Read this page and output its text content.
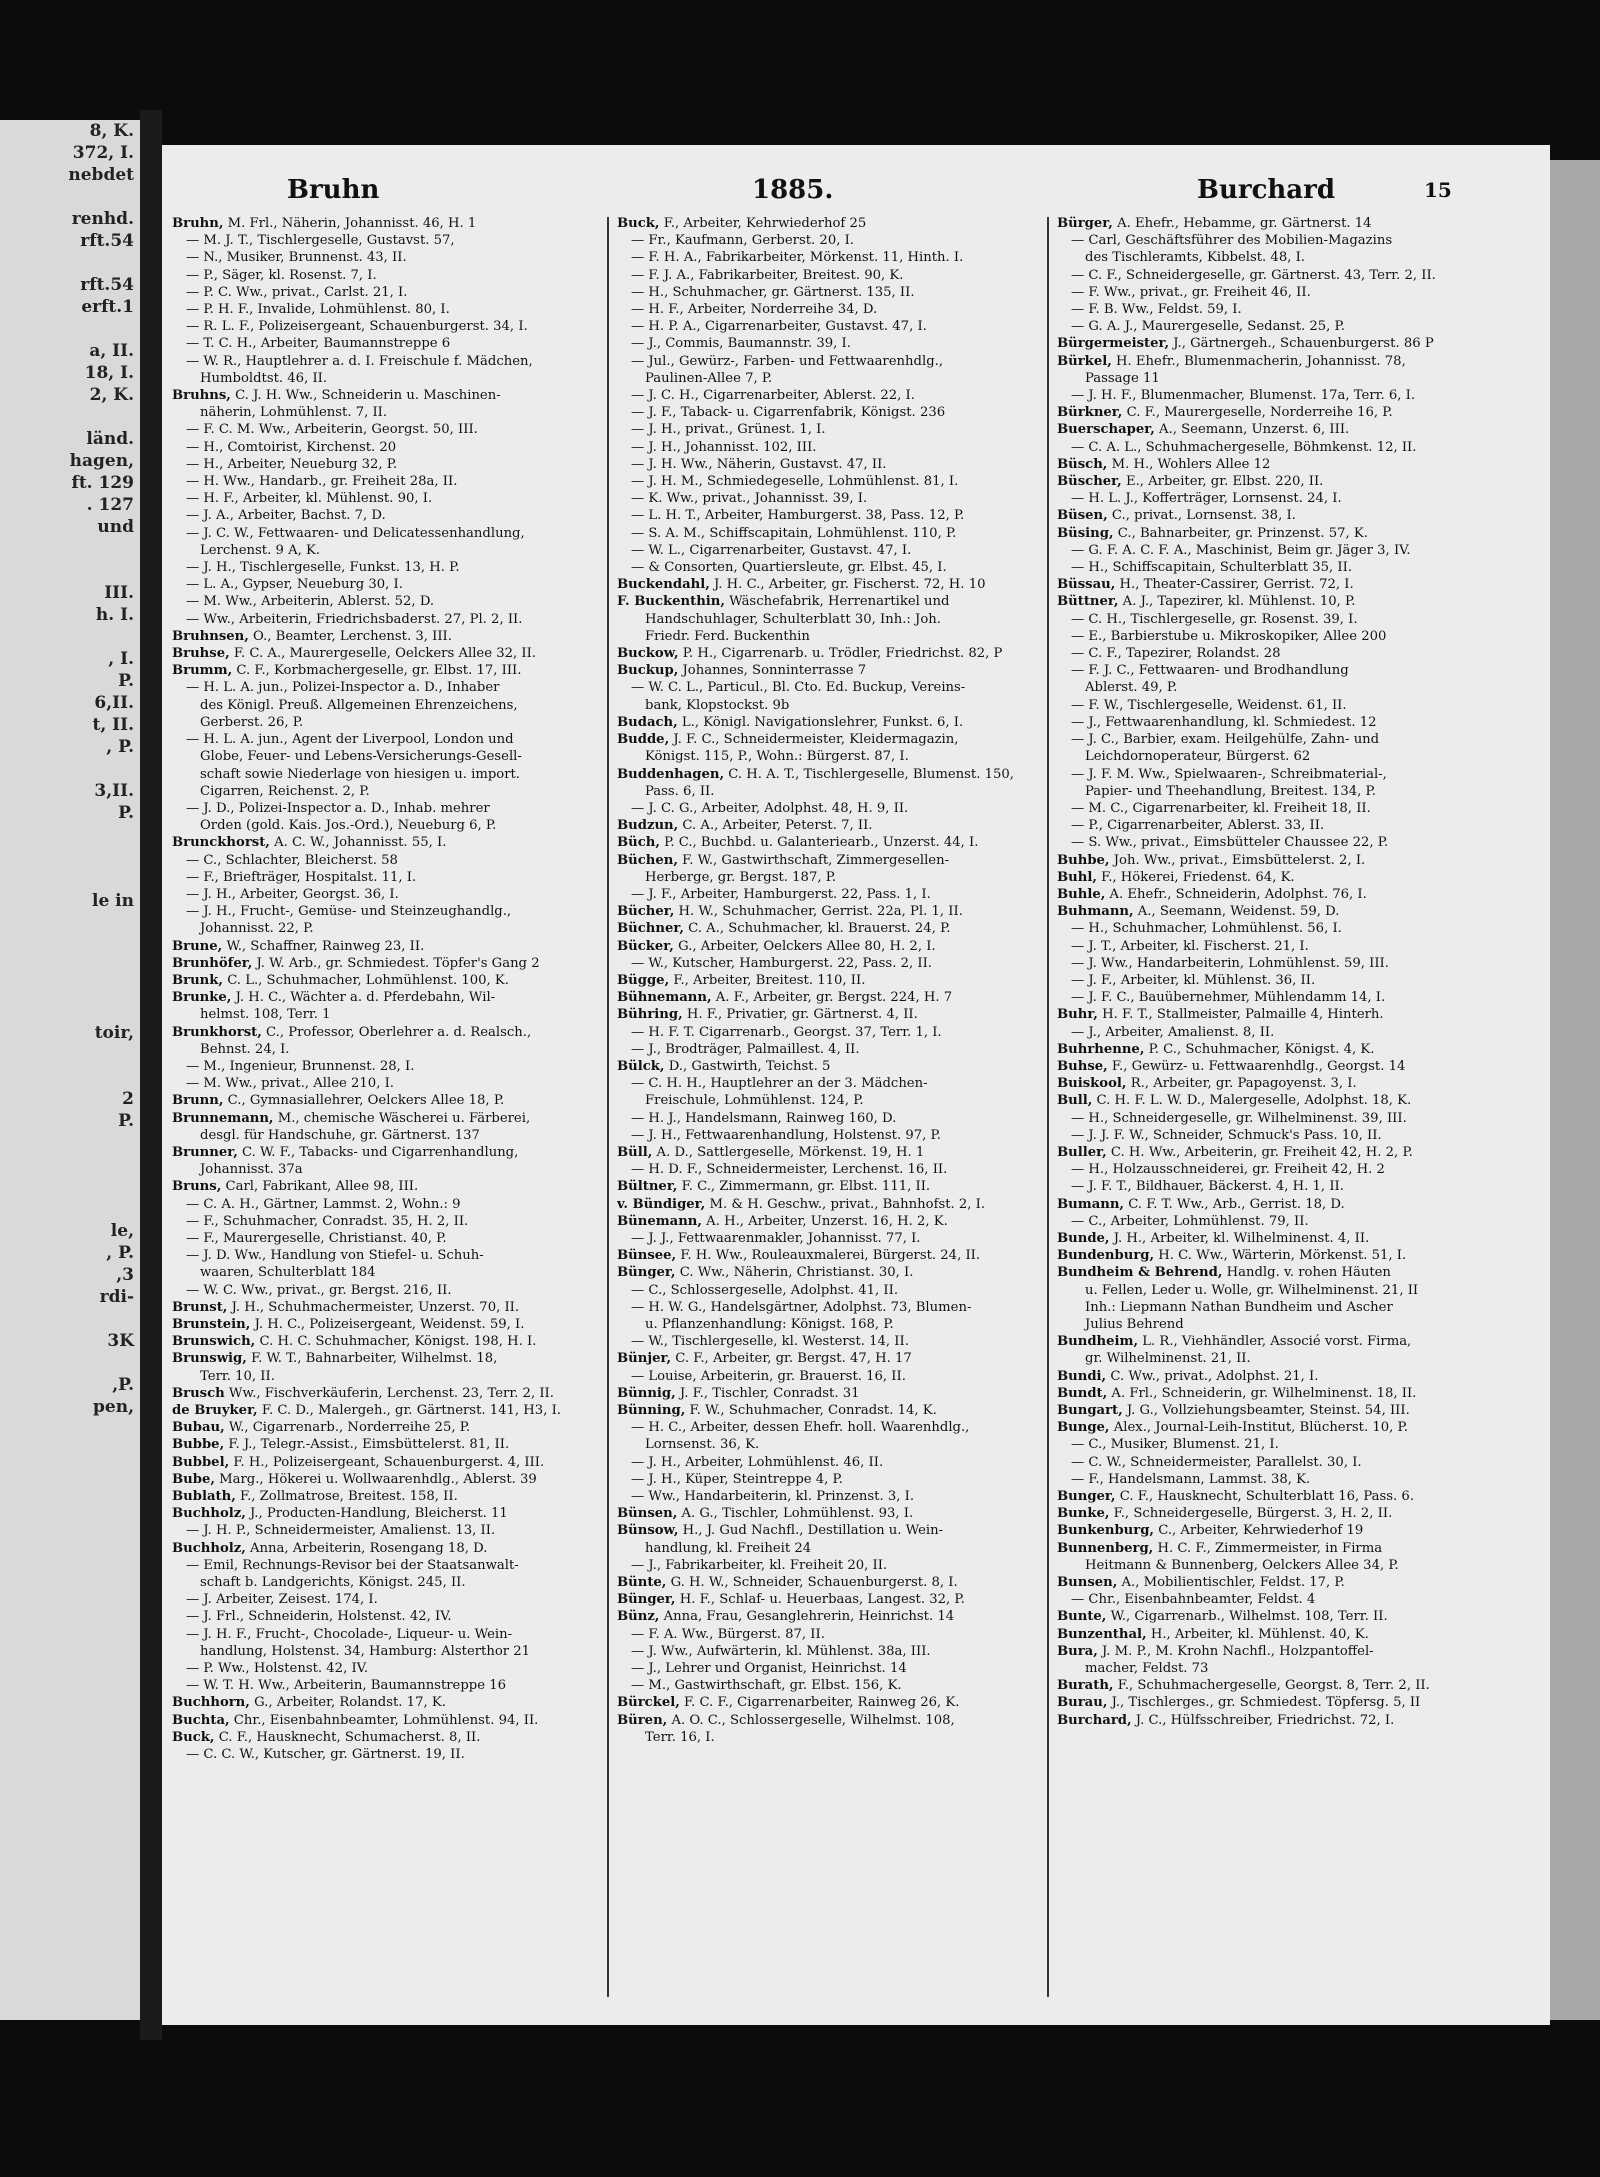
8, K.
372, I.
nebdet

renhd.
rft.54

rft.54
erft.1

a, II.
18, I.
2, K.

länd.
hagen,
ft. 129
. 127
und

III.
h. I.

, I.
P.
6,II.
t, II.
, P.

3,II.
P.

le in

toir,

2
P.

le,
, P.
,3
rdi-

3K

,P.
pen,

Bruhn	1885.	Burchard	15
Bruhn, M. Frl., Näherin, Johannisst. 46, H. 1
— M. J. T., Tischlergeselle, Gustavst. 57,
— N., Musiker, Brunnenst. 43, II.
— P., Säger, kl. Rosenst. 7, I.
— P. C. Ww., privat., Carlst. 21, I.
— P. H. F., Invalide, Lohmühlenst. 80, I.
— R. L. F., Polizeisergeant, Schauenburgerst. 34, I.
— T. C. H., Arbeiter, Baumannstreppe 6
— W. R., Hauptlehrer a. d. I. Freischule f. Mädchen,
Humboldtst. 46, II.
Bruhns, C. J. H. Ww., Schneiderin u. Maschinen-
näherin, Lohmühlenst. 7, II.
— F. C. M. Ww., Arbeiterin, Georgst. 50, III.
— H., Comtoirist, Kirchenst. 20
— H., Arbeiter, Neueburg 32, P.
— H. Ww., Handarb., gr. Freiheit 28a, II.
— H. F., Arbeiter, kl. Mühlenst. 90, I.
— J. A., Arbeiter, Bachst. 7, D.
— J. C. W., Fettwaaren- und Delicatessenhandlung,
Lerchenst. 9 A, K.
— J. H., Tischlergeselle, Funkst. 13, H. P.
— L. A., Gypser, Neueburg 30, I.
— M. Ww., Arbeiterin, Ablerst. 52, D.
— Ww., Arbeiterin, Friedrichsbaderst. 27, Pl. 2, II.
Bruhnsen, O., Beamter, Lerchenst. 3, III.
Bruhse, F. C. A., Maurergeselle, Oelckers Allee 32, II.
Brumm, C. F., Korbmachergeselle, gr. Elbst. 17, III.
— H. L. A. jun., Polizei-Inspector a. D., Inhaber
des Königl. Preuß. Allgemeinen Ehrenzeichens,
Gerberst. 26, P.
— H. L. A. jun., Agent der Liverpool, London und
Globe, Feuer- und Lebens-Versicherungs-Gesell-
schaft sowie Niederlage von hiesigen u. import.
Cigarren, Reichenst. 2, P.
— J. D., Polizei-Inspector a. D., Inhab. mehrer
Orden (gold. Kais. Jos.-Ord.), Neueburg 6, P.
Brunckhorst, A. C. W., Johannisst. 55, I.
— C., Schlachter, Bleicherst. 58
— F., Briefträger, Hospitalst. 11, I.
— J. H., Arbeiter, Georgst. 36, I.
— J. H., Frucht-, Gemüse- und Steinzeughandlg.,
Johannisst. 22, P.
Brune, W., Schaffner, Rainweg 23, II.
Brunhöfer, J. W. Arb., gr. Schmiedest. Töpfer's Gang 2
Brunk, C. L., Schuhmacher, Lohmühlenst. 100, K.
Brunke, J. H. C., Wächter a. d. Pferdebahn, Wil-
helmst. 108, Terr. 1
Brunkhorst, C., Professor, Oberlehrer a. d. Realsch.,
Behnst. 24, I.
— M., Ingenieur, Brunnenst. 28, I.
— M. Ww., privat., Allee 210, I.
Brunn, C., Gymnasiallehrer, Oelckers Allee 18, P.
Brunnemann, M., chemische Wäscherei u. Färberei,
desgl. für Handschuhe, gr. Gärtnerst. 137
Brunner, C. W. F., Tabacks- und Cigarrenhandlung,
Johannisst. 37a
Bruns, Carl, Fabrikant, Allee 98, III.
— C. A. H., Gärtner, Lammst. 2, Wohn.: 9
— F., Schuhmacher, Conradst. 35, H. 2, II.
— F., Maurergeselle, Christianst. 40, P.
— J. D. Ww., Handlung von Stiefel- u. Schuh-
waaren, Schulterblatt 184
— W. C. Ww., privat., gr. Bergst. 216, II.
Brunst, J. H., Schuhmachermeister, Unzerst. 70, II.
Brunstein, J. H. C., Polizeisergeant, Weidenst. 59, I.
Brunswich, C. H. C. Schuhmacher, Königst. 198, H. I.
Brunswig, F. W. T., Bahnarbeiter, Wilhelmst. 18,
Terr. 10, II.
Brusch Ww., Fischverkäuferin, Lerchenst. 23, Terr. 2, II.
de Bruyker, F. C. D., Malergeh., gr. Gärtnerst. 141, H3, I.
Bubau, W., Cigarrenarb., Norderreihe 25, P.
Bubbe, F. J., Telegr.-Assist., Eimsbüttelerst. 81, II.
Bubbel, F. H., Polizeisergeant, Schauenburgerst. 4, III.
Bube, Marg., Hökerei u. Wollwaarenhdlg., Ablerst. 39
Bublath, F., Zollmatrose, Breitest. 158, II.
Buchholz, J., Producten-Handlung, Bleicherst. 11
— J. H. P., Schneidermeister, Amalienst. 13, II.
Buchholz, Anna, Arbeiterin, Rosengang 18, D.
— Emil, Rechnungs-Revisor bei der Staatsanwalt-
schaft b. Landgerichts, Königst. 245, II.
— J. Arbeiter, Zeisest. 174, I.
— J. Frl., Schneiderin, Holstenst. 42, IV.
— J. H. F., Frucht-, Chocolade-, Liqueur- u. Wein-
handlung, Holstenst. 34, Hamburg: Alsterthor 21
— P. Ww., Holstenst. 42, IV.
— W. T. H. Ww., Arbeiterin, Baumannstreppe 16
Buchhorn, G., Arbeiter, Rolandst. 17, K.
Buchta, Chr., Eisenbahnbeamter, Lohmühlenst. 94, II.
Buck, C. F., Hausknecht, Schumacherst. 8, II.
— C. C. W., Kutscher, gr. Gärtnerst. 19, II.
Buck, F., Arbeiter, Kehrwiederhof 25
— Fr., Kaufmann, Gerberst. 20, I.
— F. H. A., Fabrikarbeiter, Mörkenst. 11, Hinth. I.
— F. J. A., Fabrikarbeiter, Breitest. 90, K.
— H., Schuhmacher, gr. Gärtnerst. 135, II.
— H. F., Arbeiter, Norderreihe 34, D.
— H. P. A., Cigarrenarbeiter, Gustavst. 47, I.
— J., Commis, Baumannstr. 39, I.
— Jul., Gewürz-, Farben- und Fettwaarenhdlg.,
Paulinen-Allee 7, P.
— J. C. H., Cigarrenarbeiter, Ablerst. 22, I.
— J. F., Taback- u. Cigarrenfabrik, Königst. 236
— J. H., privat., Grünest. 1, I.
— J. H., Johannisst. 102, III.
— J. H. Ww., Näherin, Gustavst. 47, II.
— J. H. M., Schmiedegeselle, Lohmühlenst. 81, I.
— K. Ww., privat., Johannisst. 39, I.
— L. H. T., Arbeiter, Hamburgerst. 38, Pass. 12, P.
— S. A. M., Schiffscapitain, Lohmühlenst. 110, P.
— W. L., Cigarrenarbeiter, Gustavst. 47, I.
— & Consorten, Quartiersleute, gr. Elbst. 45, I.
Buckendahl, J. H. C., Arbeiter, gr. Fischerst. 72, H. 10
F. Buckenthin, Wäschefabrik, Herrenartikel und
Handschuhlager, Schulterblatt 30, Inh.: Joh.
Friedr. Ferd. Buckenthin
Buckow, P. H., Cigarrenarb. u. Trödler, Friedrichst. 82, P
Buckup, Johannes, Sonninterrasse 7
— W. C. L., Particul., Bl. Cto. Ed. Buckup, Vereins-
bank, Klopstockst. 9b
Budach, L., Königl. Navigationslehrer, Funkst. 6, I.
Budde, J. F. C., Schneidermeister, Kleidermagazin,
Königst. 115, P., Wohn.: Bürgerst. 87, I.
Buddenhagen, C. H. A. T., Tischlergeselle, Blumenst. 150,
Pass. 6, II.
— J. C. G., Arbeiter, Adolphst. 48, H. 9, II.
Budzun, C. A., Arbeiter, Peterst. 7, II.
Büch, P. C., Buchbd. u. Galanteriearb., Unzerst. 44, I.
Büchen, F. W., Gastwirthschaft, Zimmergesellen-
Herberge, gr. Bergst. 187, P.
— J. F., Arbeiter, Hamburgerst. 22, Pass. 1, I.
Bücher, H. W., Schuhmacher, Gerrist. 22a, Pl. 1, II.
Büchner, C. A., Schuhmacher, kl. Brauerst. 24, P.
Bücker, G., Arbeiter, Oelckers Allee 80, H. 2, I.
— W., Kutscher, Hamburgerst. 22, Pass. 2, II.
Bügge, F., Arbeiter, Breitest. 110, II.
Bühnemann, A. F., Arbeiter, gr. Bergst. 224, H. 7
Bühring, H. F., Privatier, gr. Gärtnerst. 4, II.
— H. F. T. Cigarrenarb., Georgst. 37, Terr. 1, I.
— J., Brodträger, Palmaillest. 4, II.
Bülck, D., Gastwirth, Teichst. 5
— C. H. H., Hauptlehrer an der 3. Mädchen-
Freischule, Lohmühlenst. 124, P.
— H. J., Handelsmann, Rainweg 160, D.
— J. H., Fettwaarenhandlung, Holstenst. 97, P.
Büll, A. D., Sattlergeselle, Mörkenst. 19, H. 1
— H. D. F., Schneidermeister, Lerchenst. 16, II.
Bültner, F. C., Zimmermann, gr. Elbst. 111, II.
v. Bündiger, M. & H. Geschw., privat., Bahnhofst. 2, I.
Bünemann, A. H., Arbeiter, Unzerst. 16, H. 2, K.
— J. J., Fettwaarenmakler, Johannisst. 77, I.
Bünsee, F. H. Ww., Rouleauxmalerei, Bürgerst. 24, II.
Bünger, C. Ww., Näherin, Christianst. 30, I.
— C., Schlossergeselle, Adolphst. 41, II.
— H. W. G., Handelsgärtner, Adolphst. 73, Blumen-
u. Pflanzenhandlung: Königst. 168, P.
— W., Tischlergeselle, kl. Westerst. 14, II.
Bünjer, C. F., Arbeiter, gr. Bergst. 47, H. 17
— Louise, Arbeiterin, gr. Brauerst. 16, II.
Bünnig, J. F., Tischler, Conradst. 31
Bünning, F. W., Schuhmacher, Conradst. 14, K.
— H. C., Arbeiter, dessen Ehefr. holl. Waarenhdlg.,
Lornsenst. 36, K.
— J. H., Arbeiter, Lohmühlenst. 46, II.
— J. H., Küper, Steintreppe 4, P.
— Ww., Handarbeiterin, kl. Prinzenst. 3, I.
Bünsen, A. G., Tischler, Lohmühlenst. 93, I.
Bünsow, H., J. Gud Nachfl., Destillation u. Wein-
handlung, kl. Freiheit 24
— J., Fabrikarbeiter, kl. Freiheit 20, II.
Bünte, G. H. W., Schneider, Schauenburgerst. 8, I.
Bünger, H. F., Schlaf- u. Heuerbaas, Langest. 32, P.
Bünz, Anna, Frau, Gesanglehrerin, Heinrichst. 14
— F. A. Ww., Bürgerst. 87, II.
— J. Ww., Aufwärterin, kl. Mühlenst. 38a, III.
— J., Lehrer und Organist, Heinrichst. 14
— M., Gastwirthschaft, gr. Elbst. 156, K.
Bürckel, F. C. F., Cigarrenarbeiter, Rainweg 26, K.
Büren, A. O. C., Schlossergeselle, Wilhelmst. 108,
Terr. 16, I.
Bürger, A. Ehefr., Hebamme, gr. Gärtnerst. 14
— Carl, Geschäftsführer des Mobilien-Magazins
des Tischleramts, Kibbelst. 48, I.
— C. F., Schneidergeselle, gr. Gärtnerst. 43, Terr. 2, II.
— F. Ww., privat., gr. Freiheit 46, II.
— F. B. Ww., Feldst. 59, I.
— G. A. J., Maurergeselle, Sedanst. 25, P.
Bürgermeister, J., Gärtnergeh., Schauenburgerst. 86 P
Bürkel, H. Ehefr., Blumenmacherin, Johannisst. 78,
Passage 11
— J. H. F., Blumenmacher, Blumenst. 17a, Terr. 6, I.
Bürkner, C. F., Maurergeselle, Norderreihe 16, P.
Buerschaper, A., Seemann, Unzerst. 6, III.
— C. A. L., Schuhmachergeselle, Böhmkenst. 12, II.
Büsch, M. H., Wohlers Allee 12
Büscher, E., Arbeiter, gr. Elbst. 220, II.
— H. L. J., Kofferträger, Lornsenst. 24, I.
Büsen, C., privat., Lornsenst. 38, I.
Büsing, C., Bahnarbeiter, gr. Prinzenst. 57, K.
— G. F. A. C. F. A., Maschinist, Beim gr. Jäger 3, IV.
— H., Schiffscapitain, Schulterblatt 35, II.
Büssau, H., Theater-Cassirer, Gerrist. 72, I.
Büttner, A. J., Tapezirer, kl. Mühlenst. 10, P.
— C. H., Tischlergeselle, gr. Rosenst. 39, I.
— E., Barbierstube u. Mikroskopiker, Allee 200
— C. F., Tapezirer, Rolandst. 28
— F. J. C., Fettwaaren- und Brodhandlung
Ablerst. 49, P.
— F. W., Tischlergeselle, Weidenst. 61, II.
— J., Fettwaarenhandlung, kl. Schmiedest. 12
— J. C., Barbier, exam. Heilgehülfe, Zahn- und
Leichdornoperateur, Bürgerst. 62
— J. F. M. Ww., Spielwaaren-, Schreibmaterial-,
Papier- und Theehandlung, Breitest. 134, P.
— M. C., Cigarrenarbeiter, kl. Freiheit 18, II.
— P., Cigarrenarbeiter, Ablerst. 33, II.
— S. Ww., privat., Eimsbütteler Chaussee 22, P.
Buhbe, Joh. Ww., privat., Eimsbüttelerst. 2, I.
Buhl, F., Hökerei, Friedenst. 64, K.
Buhle, A. Ehefr., Schneiderin, Adolphst. 76, I.
Buhmann, A., Seemann, Weidenst. 59, D.
— H., Schuhmacher, Lohmühlenst. 56, I.
— J. T., Arbeiter, kl. Fischerst. 21, I.
— J. Ww., Handarbeiterin, Lohmühlenst. 59, III.
— J. F., Arbeiter, kl. Mühlenst. 36, II.
— J. F. C., Bauübernehmer, Mühlendamm 14, I.
Buhr, H. F. T., Stallmeister, Palmaille 4, Hinterh.
— J., Arbeiter, Amalienst. 8, II.
Buhrhenne, P. C., Schuhmacher, Königst. 4, K.
Buhse, F., Gewürz- u. Fettwaarenhdlg., Georgst. 14
Buiskool, R., Arbeiter, gr. Papagoyenst. 3, I.
Bull, C. H. F. L. W. D., Malergeselle, Adolphst. 18, K.
— H., Schneidergeselle, gr. Wilhelminenst. 39, III.
— J. J. F. W., Schneider, Schmuck's Pass. 10, II.
Buller, C. H. Ww., Arbeiterin, gr. Freiheit 42, H. 2, P.
— H., Holzausschneiderei, gr. Freiheit 42, H. 2
— J. F. T., Bildhauer, Bäckerst. 4, H. 1, II.
Bumann, C. F. T. Ww., Arb., Gerrist. 18, D.
— C., Arbeiter, Lohmühlenst. 79, II.
Bunde, J. H., Arbeiter, kl. Wilhelminenst. 4, II.
Bundenburg, H. C. Ww., Wärterin, Mörkenst. 51, I.
Bundheim & Behrend, Handlg. v. rohen Häuten
u. Fellen, Leder u. Wolle, gr. Wilhelminenst. 21, II
Inh.: Liepmann Nathan Bundheim und Ascher
Julius Behrend
Bundheim, L. R., Viehhändler, Associé vorst. Firma,
gr. Wilhelminenst. 21, II.
Bundi, C. Ww., privat., Adolphst. 21, I.
Bundt, A. Frl., Schneiderin, gr. Wilhelminenst. 18, II.
Bungart, J. G., Vollziehungsbeamter, Steinst. 54, III.
Bunge, Alex., Journal-Leih-Institut, Blücherst. 10, P.
— C., Musiker, Blumenst. 21, I.
— C. W., Schneidermeister, Parallelst. 30, I.
— F., Handelsmann, Lammst. 38, K.
Bunger, C. F., Hausknecht, Schulterblatt 16, Pass. 6.
Bunke, F., Schneidergeselle, Bürgerst. 3, H. 2, II.
Bunkenburg, C., Arbeiter, Kehrwiederhof 19
Bunnenberg, H. C. F., Zimmermeister, in Firma
Heitmann & Bunnenberg, Oelckers Allee 34, P.
Bunsen, A., Mobilientischler, Feldst. 17, P.
— Chr., Eisenbahnbeamter, Feldst. 4
Bunte, W., Cigarrenarb., Wilhelmst. 108, Terr. II.
Bunzenthal, H., Arbeiter, kl. Mühlenst. 40, K.
Bura, J. M. P., M. Krohn Nachfl., Holzpantoffel-
macher, Feldst. 73
Burath, F., Schuhmachergeselle, Georgst. 8, Terr. 2, II.
Burau, J., Tischlerges., gr. Schmiedest. Töpfersg. 5, II
Burchard, J. C., Hülfsschreiber, Friedrichst. 72, I.
